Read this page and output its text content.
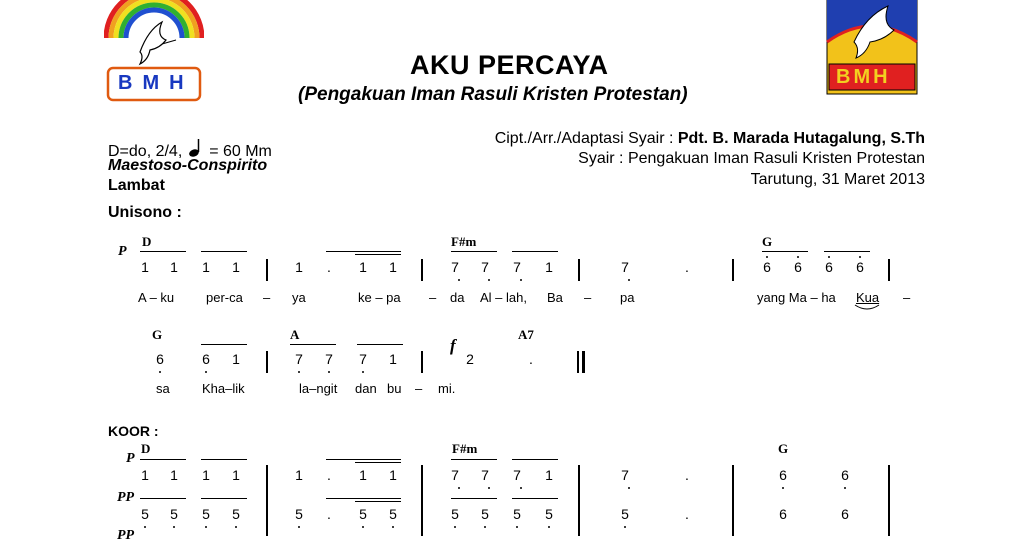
BMH	BMH
AKU PERCAYA
(Pengakuan Iman Rasuli Kristen Protestan)
D=do, 2/4, = 60 Mm
Maestoso-Conspirito
Lambat
Cipt./Arr./Adaptasi Syair : Pdt. B. Marada Hutagalung, S.Th
Syair : Pengakuan Iman Rasuli Kristen Protestan
Tarutung, 31 Maret 2013
Unisono :
P
D	F#m	G
1 1 1 1	1	.	1 1	7 7 7 1	7	.	6 6 6 6
A – ku per-ca – ya	ke – pa – da Al – lah, Ba – pa	yang Ma – ha Kua –
G	A	A7
f
6	6 1	7 7 7 1	2	.
sa Kha–lik	la–ngit dan bu – mi.
KOOR :
D	F#m	G
P
1 1 1 1	1	.	1 1	7 7 7 1	7	.	6	6
PP
5 5 5 5	5	.	5 5	5 5 5 5	5	.	6	6
PP
